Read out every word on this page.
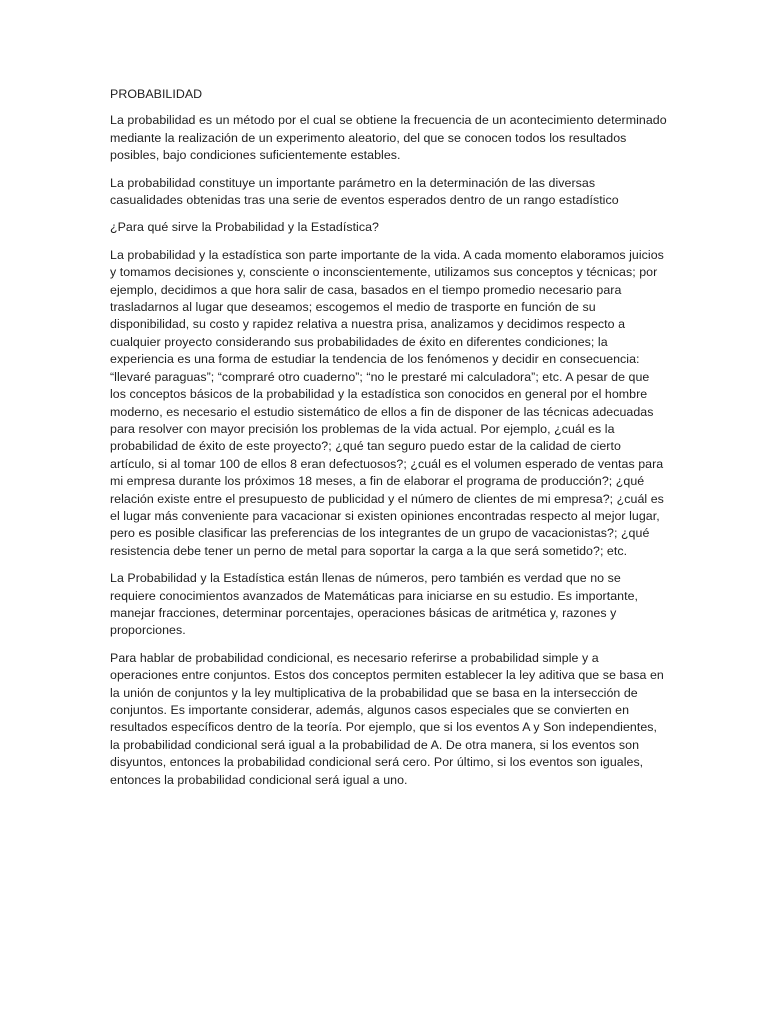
PROBABILIDAD

La probabilidad es un método por el cual se obtiene la frecuencia de un acontecimiento determinado mediante la realización de un experimento aleatorio, del que se conocen todos los resultados posibles, bajo condiciones suficientemente estables.

La probabilidad constituye un importante parámetro en la determinación de las diversas casualidades obtenidas tras una serie de eventos esperados dentro de un rango estadístico

¿Para qué sirve la Probabilidad y la Estadística?

La probabilidad y la estadística son parte importante de la vida. A cada momento elaboramos juicios y tomamos decisiones y, consciente o inconscientemente, utilizamos sus conceptos y técnicas; por ejemplo, decidimos a que hora salir de casa, basados en el tiempo promedio necesario para trasladarnos al lugar que deseamos; escogemos el medio de trasporte en función de su disponibilidad, su costo y rapidez relativa a nuestra prisa, analizamos y decidimos respecto a cualquier proyecto considerando sus probabilidades de éxito en diferentes condiciones; la experiencia es una forma de estudiar la tendencia de los fenómenos y decidir en consecuencia: “llevaré paraguas”; “compraré otro cuaderno”; “no le prestaré mi calculadora”; etc. A pesar de que los conceptos básicos de la probabilidad y la estadística son conocidos en general por el hombre moderno, es necesario el estudio sistemático de ellos a fin de disponer de las técnicas adecuadas para resolver con mayor precisión los problemas de la vida actual. Por ejemplo, ¿cuál es la probabilidad de éxito de este proyecto?; ¿qué tan seguro puedo estar de la calidad de cierto artículo, si al tomar 100 de ellos 8 eran defectuosos?; ¿cuál es el volumen esperado de ventas para mi empresa durante los próximos 18 meses, a fin de elaborar el programa de producción?; ¿qué relación existe entre el presupuesto de publicidad y el número de clientes de mi empresa?; ¿cuál es el lugar más conveniente para vacacionar si existen opiniones encontradas respecto al mejor lugar, pero es posible clasificar las preferencias de los integrantes de un grupo de vacacionistas?; ¿qué resistencia debe tener un perno de metal para soportar la carga a la que será sometido?; etc.

La Probabilidad y la Estadística están llenas de números, pero también es verdad que no se requiere conocimientos avanzados de Matemáticas para iniciarse en su estudio. Es importante, manejar fracciones, determinar porcentajes, operaciones básicas de aritmética y, razones y proporciones.

Para hablar de probabilidad condicional, es necesario referirse a probabilidad simple y a operaciones entre conjuntos. Estos dos conceptos permiten establecer la ley aditiva que se basa en la unión de conjuntos y la ley multiplicativa de la probabilidad que se basa en la intersección de conjuntos. Es importante considerar, además, algunos casos especiales que se convierten en resultados específicos dentro de la teoría. Por ejemplo, que si los eventos A y Son independientes, la probabilidad condicional será igual a la probabilidad de A. De otra manera, si los eventos son disyuntos, entonces la probabilidad condicional será cero. Por último, si los eventos son iguales, entonces la probabilidad condicional será igual a uno.
